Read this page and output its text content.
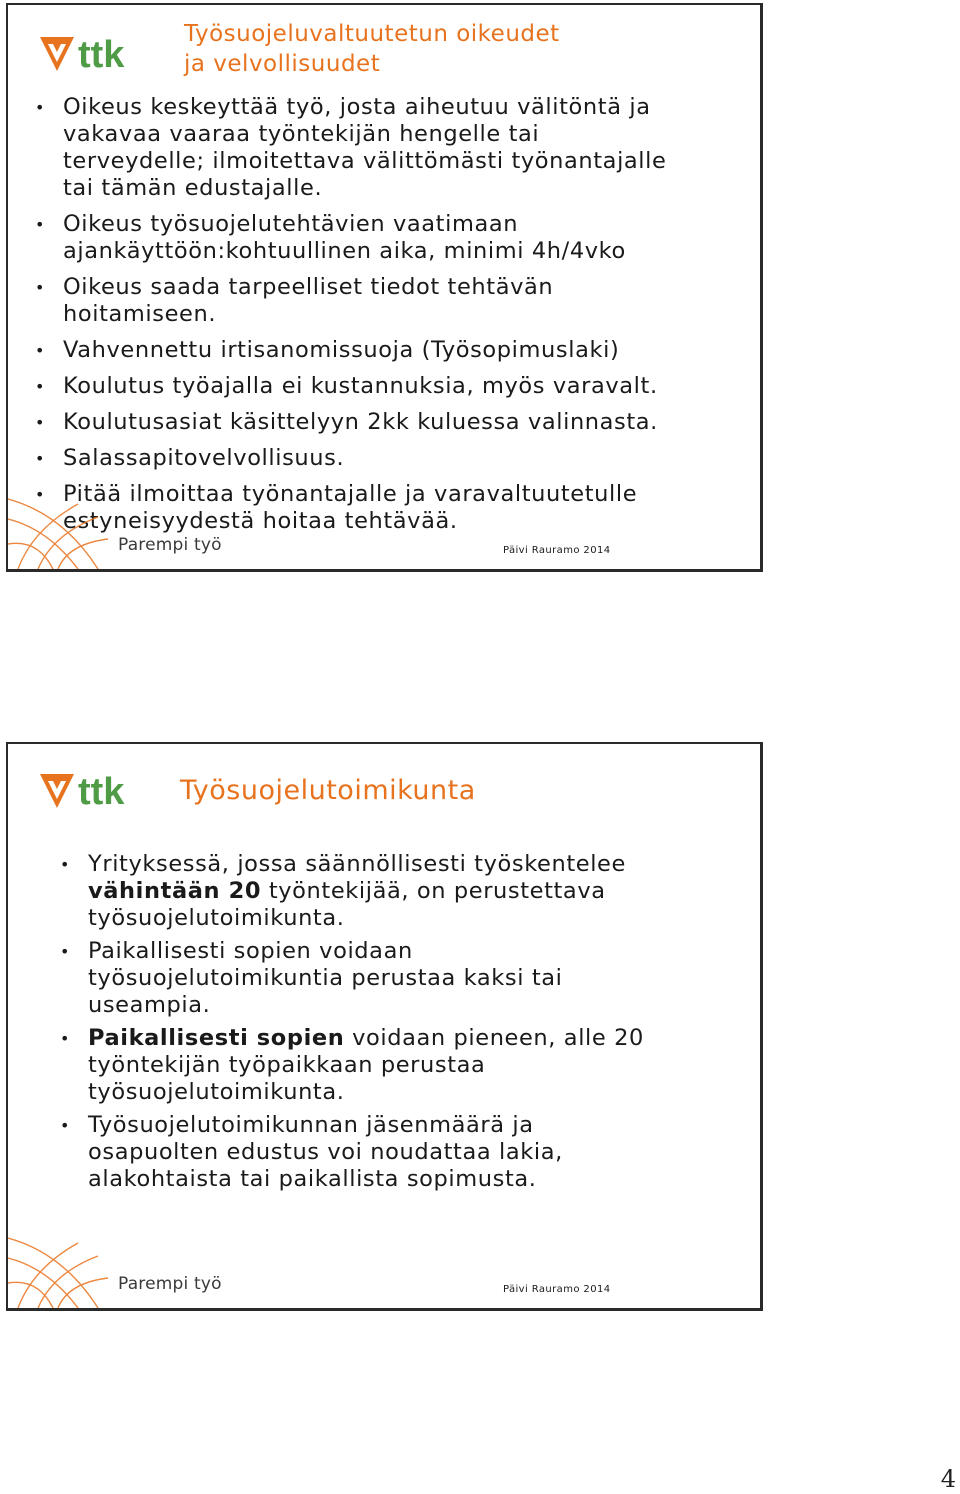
ttk	Työsuojeluvaltuutetun oikeudet
ja velvollisuudet
• Oikeus keskeyttää työ, josta aiheutuu välitöntä ja
vakavaa vaaraa työntekijän hengelle tai
terveydelle; ilmoitettava välittömästi työnantajalle
tai tämän edustajalle.
• Oikeus työsuojelutehtävien vaatimaan
ajankäyttöön:kohtuullinen aika, minimi 4h/4vko
• Oikeus saada tarpeelliset tiedot tehtävän
hoitamiseen.
• Vahvennettu irtisanomissuoja (Työsopimuslaki)
• Koulutus työajalla ei kustannuksia, myös varavalt.
• Koulutusasiat käsittelyyn 2kk kuluessa valinnasta.
• Salassapitovelvollisuus.
• Pitää ilmoittaa työnantajalle ja varavaltuutetulle
estyneisyydestä hoitaa tehtävää.
Parempi työ	Päivi Rauramo 2014
ttk Työsuojelutoimikunta
• Yrityksessä, jossa säännöllisesti työskentelee
vähintään 20 työntekijää, on perustettava
työsuojelutoimikunta.
• Paikallisesti sopien voidaan
työsuojelutoimikuntia perustaa kaksi tai
useampia.
• Paikallisesti sopien voidaan pieneen, alle 20
työntekijän työpaikkaan perustaa
työsuojelutoimikunta.
• Työsuojelutoimikunnan jäsenmäärä ja
osapuolten edustus voi noudattaa lakia,
alakohtaista tai paikallista sopimusta.
Parempi työ	Päivi Rauramo 2014
4
